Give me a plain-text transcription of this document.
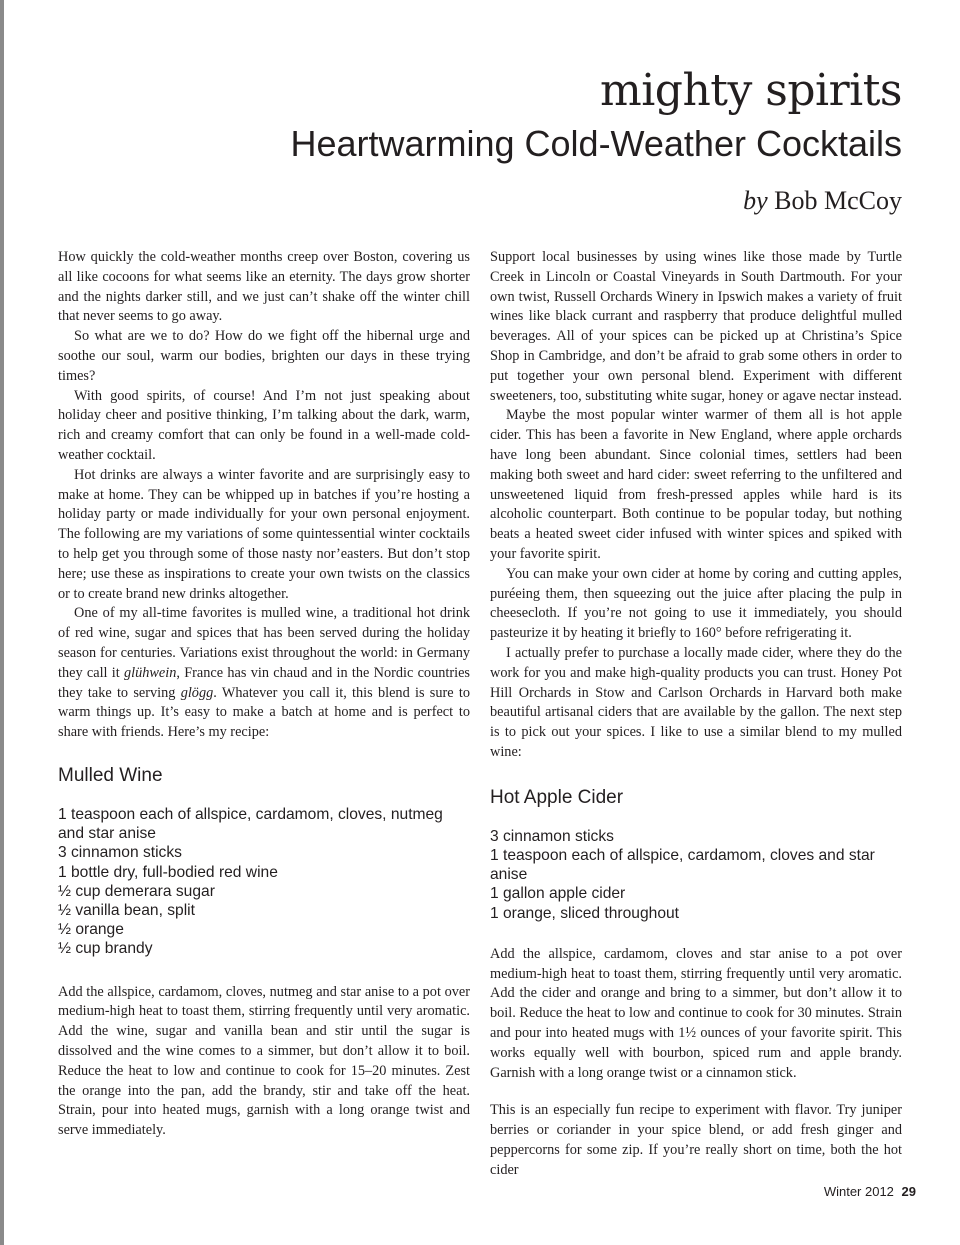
mighty spirits
Heartwarming Cold-Weather Cocktails
by Bob McCoy

How quickly the cold-weather months creep over Boston, covering us all like cocoons for what seems like an eternity. The days grow shorter and the nights darker still, and we just can’t shake off the winter chill that never seems to go away.

So what are we to do? How do we fight off the hibernal urge and soothe our soul, warm our bodies, brighten our days in these trying times?

With good spirits, of course! And I’m not just speaking about holiday cheer and positive thinking, I’m talking about the dark, warm, rich and creamy comfort that can only be found in a well-made cold-weather cocktail.

Hot drinks are always a winter favorite and are surprisingly easy to make at home. They can be whipped up in batches if you’re hosting a holiday party or made individually for your own personal enjoyment. The following are my variations of some quintessential winter cocktails to help get you through some of those nasty nor’easters. But don’t stop here; use these as inspirations to create your own twists on the classics or to create brand new drinks altogether.

One of my all-time favorites is mulled wine, a traditional hot drink of red wine, sugar and spices that has been served during the holiday season for centuries. Variations exist throughout the world: in Germany they call it glühwein, France has vin chaud and in the Nordic countries they take to serving glögg. Whatever you call it, this blend is sure to warm things up. It’s easy to make a batch at home and is perfect to share with friends. Here’s my recipe:

Mulled Wine
1 teaspoon each of allspice, cardamom, cloves, nutmeg and star anise
3 cinnamon sticks
1 bottle dry, full-bodied red wine
½ cup demerara sugar
½ vanilla bean, split
½ orange
½ cup brandy

Add the allspice, cardamom, cloves, nutmeg and star anise to a pot over medium-high heat to toast them, stirring frequently until very aromatic. Add the wine, sugar and vanilla bean and stir until the sugar is dissolved and the wine comes to a simmer, but don’t allow it to boil. Reduce the heat to low and continue to cook for 15–20 minutes. Zest the orange into the pan, add the brandy, stir and take off the heat. Strain, pour into heated mugs, garnish with a long orange twist and serve immediately.

Support local businesses by using wines like those made by Turtle Creek in Lincoln or Coastal Vineyards in South Dartmouth. For your own twist, Russell Orchards Winery in Ipswich makes a variety of fruit wines like black currant and raspberry that produce delightful mulled beverages. All of your spices can be picked up at Christina’s Spice Shop in Cambridge, and don’t be afraid to grab some others in order to put together your own personal blend. Experiment with different sweeteners, too, substituting white sugar, honey or agave nectar instead.

Maybe the most popular winter warmer of them all is hot apple cider. This has been a favorite in New England, where apple orchards have long been abundant. Since colonial times, settlers had been making both sweet and hard cider: sweet referring to the unfiltered and unsweetened liquid from fresh-pressed apples while hard is its alcoholic counterpart. Both continue to be popular today, but nothing beats a heated sweet cider infused with winter spices and spiked with your favorite spirit.

You can make your own cider at home by coring and cutting apples, puréeing them, then squeezing out the juice after placing the pulp in cheesecloth. If you’re not going to use it immediately, you should pasteurize it by heating it briefly to 160° before refrigerating it.

I actually prefer to purchase a locally made cider, where they do the work for you and make high-quality products you can trust. Honey Pot Hill Orchards in Stow and Carlson Orchards in Harvard both make beautiful artisanal ciders that are available by the gallon. The next step is to pick out your spices. I like to use a similar blend to my mulled wine:

Hot Apple Cider
3 cinnamon sticks
1 teaspoon each of allspice, cardamom, cloves and star anise
1 gallon apple cider
1 orange, sliced throughout

Add the allspice, cardamom, cloves and star anise to a pot over medium-high heat to toast them, stirring frequently until very aromatic. Add the cider and orange and bring to a simmer, but don’t allow it to boil. Reduce the heat to low and continue to cook for 30 minutes. Strain and pour into heated mugs with 1½ ounces of your favorite spirit. This works equally well with bourbon, spiced rum and apple brandy. Garnish with a long orange twist or a cinnamon stick.

This is an especially fun recipe to experiment with flavor. Try juniper berries or coriander in your spice blend, or add fresh ginger and peppercorns for some zip. If you’re really short on time, both the hot cider

Winter 2012 29
